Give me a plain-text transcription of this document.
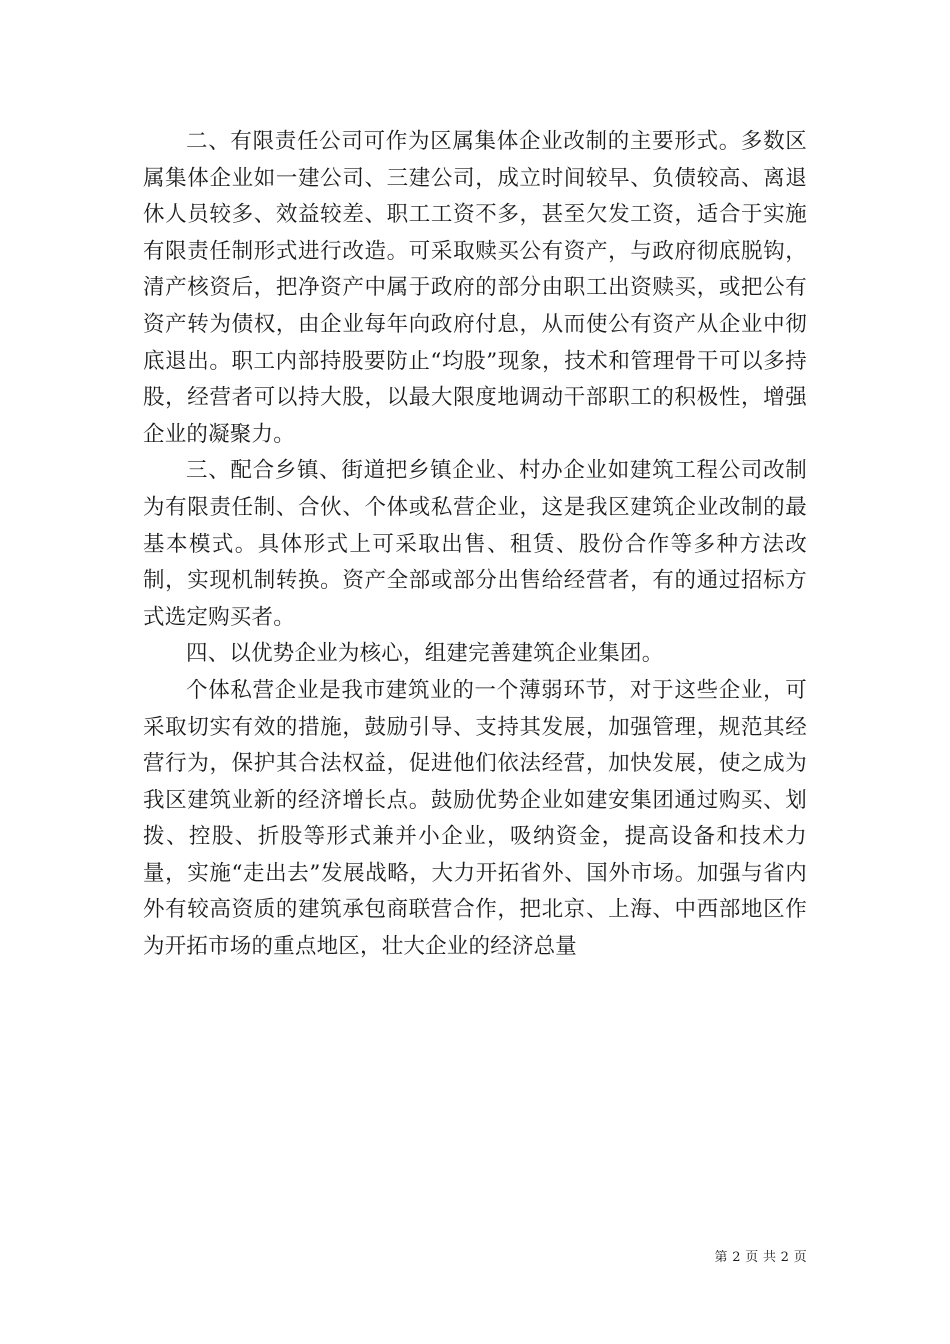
二、有限责任公司可作为区属集体企业改制的主要形式。多数区属集体企业如一建公司、三建公司，成立时间较早、负债较高、离退休人员较多、效益较差、职工工资不多，甚至欠发工资，适合于实施有限责任制形式进行改造。可采取赎买公有资产，与政府彻底脱钩，清产核资后，把净资产中属于政府的部分由职工出资赎买，或把公有资产转为债权，由企业每年向政府付息，从而使公有资产从企业中彻底退出。职工内部持股要防止“均股”现象，技术和管理骨干可以多持股，经营者可以持大股，以最大限度地调动干部职工的积极性，增强企业的凝聚力。

三、配合乡镇、街道把乡镇企业、村办企业如建筑工程公司改制为有限责任制、合伙、个体或私营企业，这是我区建筑企业改制的最基本模式。具体形式上可采取出售、租赁、股份合作等多种方法改制，实现机制转换。资产全部或部分出售给经营者，有的通过招标方式选定购买者。

四、以优势企业为核心，组建完善建筑企业集团。

个体私营企业是我市建筑业的一个薄弱环节，对于这些企业，可采取切实有效的措施，鼓励引导、支持其发展，加强管理，规范其经营行为，保护其合法权益，促进他们依法经营，加快发展，使之成为我区建筑业新的经济增长点。鼓励优势企业如建安集团通过购买、划拨、控股、折股等形式兼并小企业，吸纳资金，提高设备和技术力量，实施“走出去”发展战略，大力开拓省外、国外市场。加强与省内外有较高资质的建筑承包商联营合作，把北京、上海、中西部地区作为开拓市场的重点地区，壮大企业的经济总量

第 2 页 共 2 页
